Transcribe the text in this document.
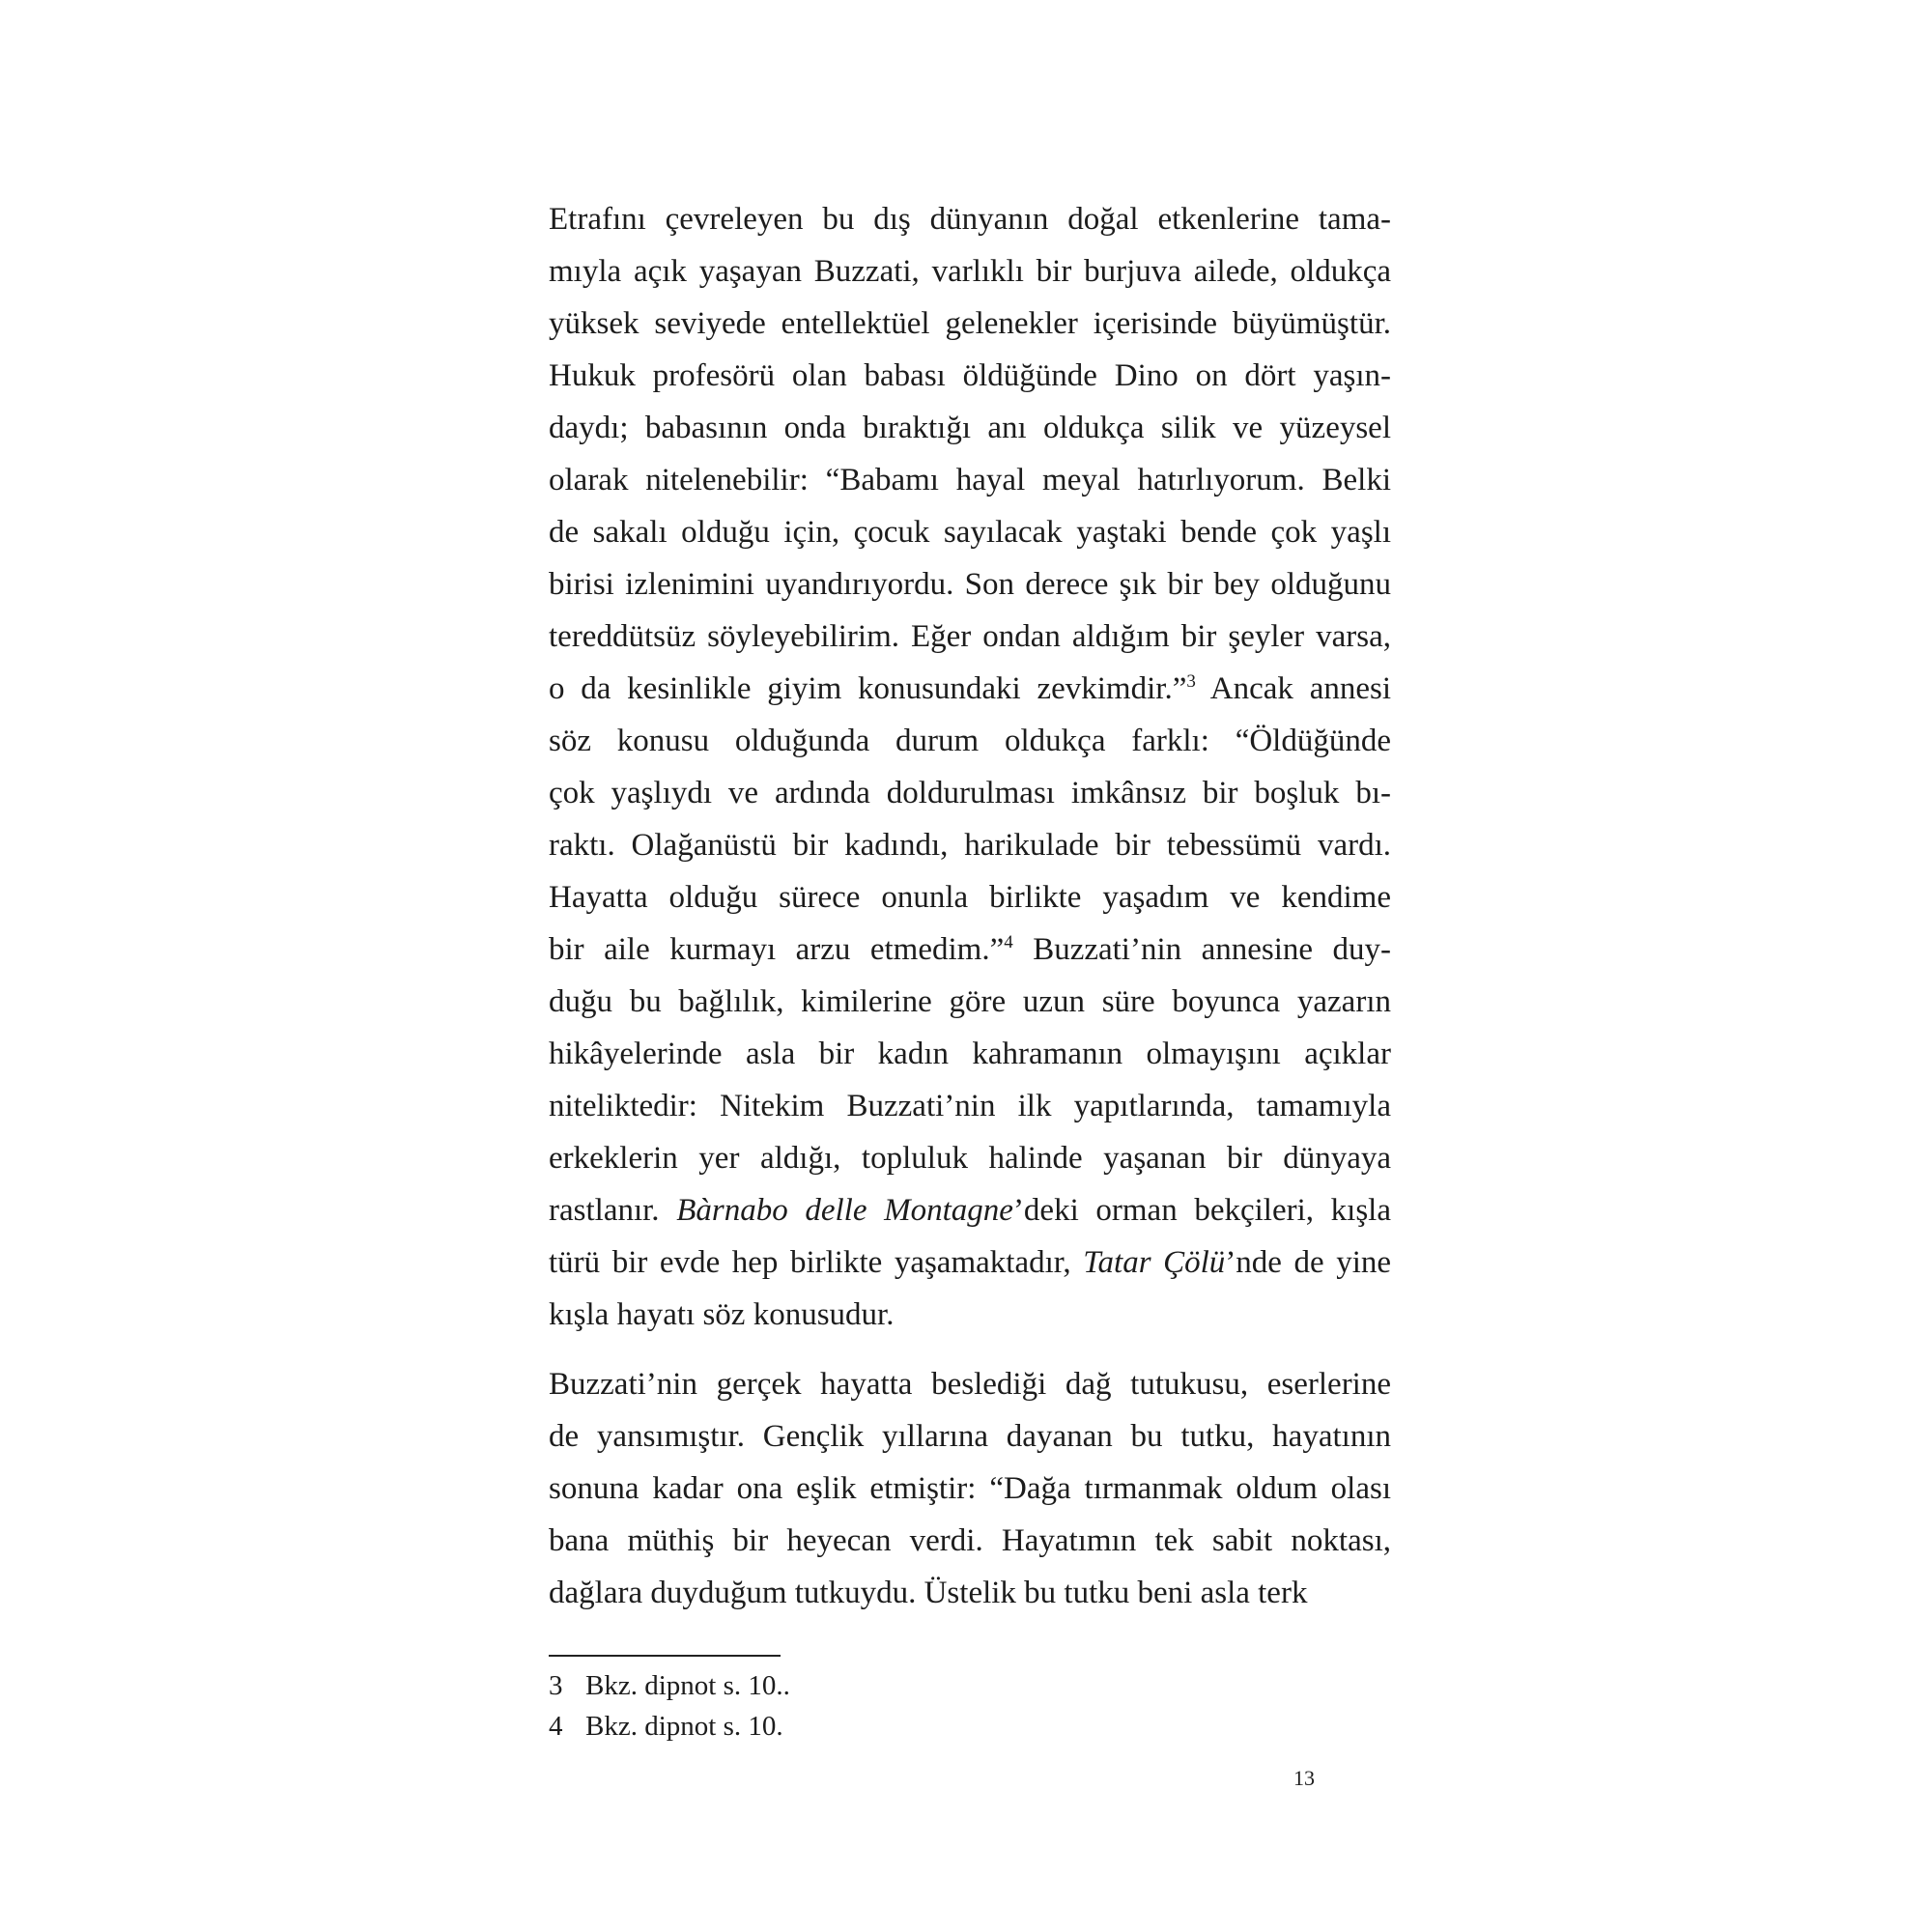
Etrafını çevreleyen bu dış dünyanın doğal etkenlerine tama-
mıyla açık yaşayan Buzzati, varlıklı bir burjuva ailede, oldukça
yüksek seviyede entellektüel gelenekler içerisinde büyümüştür.
Hukuk profesörü olan babası öldüğünde Dino on dört yaşın-
daydı; babasının onda bıraktığı anı oldukça silik ve yüzeysel
olarak nitelenebilir: “Babamı hayal meyal hatırlıyorum. Belki
de sakalı olduğu için, çocuk sayılacak yaştaki bende çok yaşlı
birisi izlenimini uyandırıyordu. Son derece şık bir bey olduğunu
tereddütsüz söyleyebilirim. Eğer ondan aldığım bir şeyler varsa,
o da kesinlikle giyim konusundaki zevkimdir.”$^3$ Ancak annesi
söz konusu olduğunda durum oldukça farklı: “Öldüğünde
çok yaşlıydı ve ardında doldurulması imkânsız bir boşluk bı-
raktı. Olağanüstü bir kadındı, harikulade bir tebessümü vardı.
Hayatta olduğu sürece onunla birlikte yaşadım ve kendime
bir aile kurmayı arzu etmedim.”$^4$ Buzzati’nin annesine duy-
duğu bu bağlılık, kimilerine göre uzun süre boyunca yazarın
hikâyelerinde asla bir kadın kahramanın olmayışını açıklar
niteliktedir: Nitekim Buzzati’nin ilk yapıtlarında, tamamıyla
erkeklerin yer aldığı, topluluk halinde yaşanan bir dünyaya
rastlanır. Bàrnabo delle Montagne’deki orman bekçileri, kışla
türü bir evde hep birlikte yaşamaktadır, Tatar Çölü’nde de yine
kışla hayatı söz konusudur.
Buzzati’nin gerçek hayatta beslediği dağ tutukusu, eserlerine
de yansımıştır. Gençlik yıllarına dayanan bu tutku, hayatının
sonuna kadar ona eşlik etmiştir: “Dağa tırmanmak oldum olası
bana müthiş bir heyecan verdi. Hayatımın tek sabit noktası,
dağlara duyduğum tutkuydu. Üstelik bu tutku beni asla terk
3 Bkz. dipnot s. 10..
4 Bkz. dipnot s. 10.
13
